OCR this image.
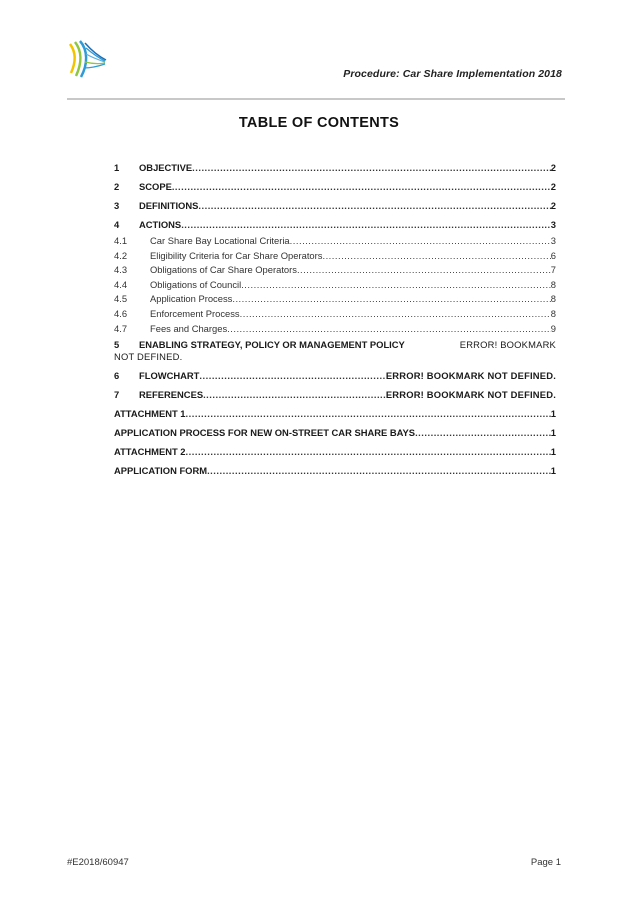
Procedure: Car Share Implementation 2018
TABLE OF CONTENTS
1	OBJECTIVE .....	2
2	SCOPE .....	2
3	DEFINITIONS .....	2
4	ACTIONS .....	3
4.1	Car Share Bay Locational Criteria .....	3
4.2	Eligibility Criteria for Car Share Operators .....	6
4.3	Obligations of Car Share Operators .....	7
4.4	Obligations of Council .....	8
4.5	Application Process .....	8
4.6	Enforcement Process .....	8
4.7	Fees and Charges .....	9
5 ENABLING STRATEGY, POLICY OR MANAGEMENT POLICY	ERROR! BOOKMARK
NOT DEFINED.
6	FLOWCHART .....	ERROR! BOOKMARK NOT DEFINED.
7	REFERENCES .....	ERROR! BOOKMARK NOT DEFINED.
ATTACHMENT 1 .....	1
APPLICATION PROCESS FOR NEW ON-STREET CAR SHARE BAYS .....	1
ATTACHMENT 2 .....	1
APPLICATION FORM .....	1
#E2018/60947	Page 1
